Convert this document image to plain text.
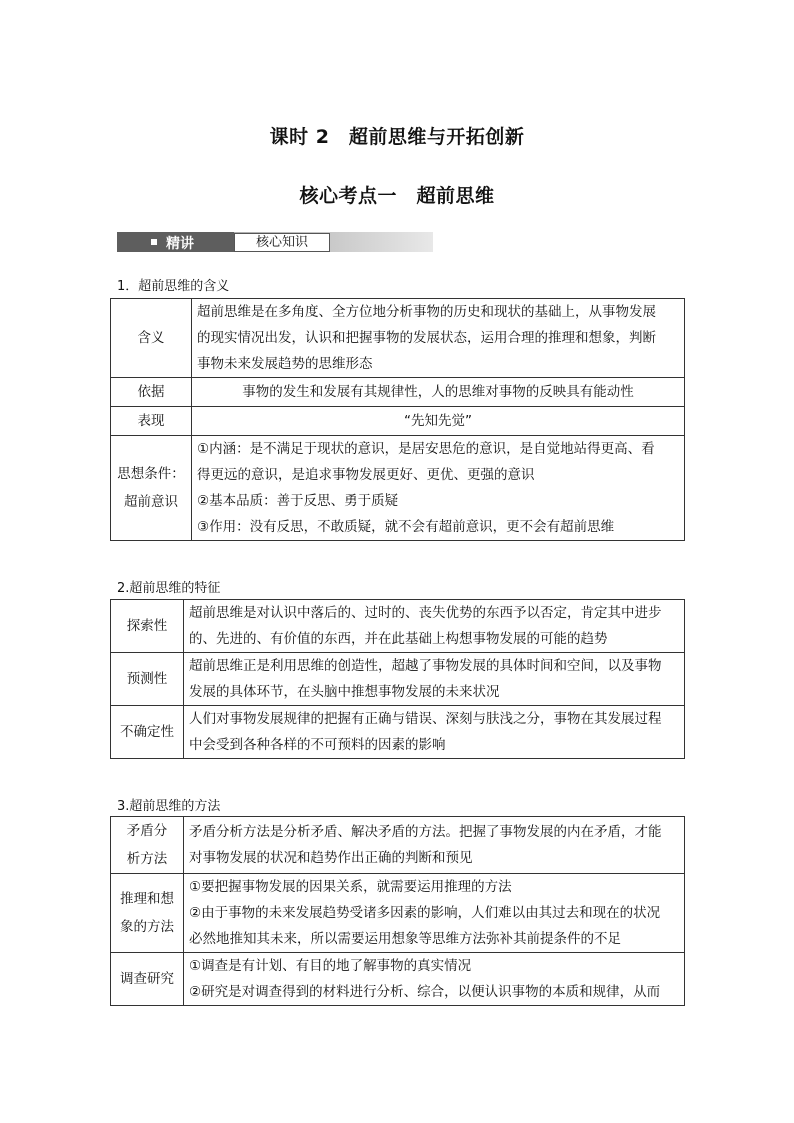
课时 2　超前思维与开拓创新
核心考点一　超前思维
精讲	核心知识
1．超前思维的含义
含义	超前思维是在多角度、全方位地分析事物的历史和现状的基础上，从事物发展
的现实情况出发，认识和把握事物的发展状态，运用合理的推理和想象，判断
事物未来发展趋势的思维形态

依据	事物的发生和发展有其规律性，人的思维对事物的反映具有能动性

表现	“先知先觉”

思想条件：
超前意识	①内涵：是不满足于现状的意识，是居安思危的意识，是自觉地站得更高、看
得更远的意识，是追求事物发展更好、更优、更强的意识
②基本品质：善于反思、勇于质疑
③作用：没有反思，不敢质疑，就不会有超前意识，更不会有超前思维
2.超前思维的特征
探索性	超前思维是对认识中落后的、过时的、丧失优势的东西予以否定，肯定其中进步
的、先进的、有价值的东西，并在此基础上构想事物发展的可能的趋势

预测性	超前思维正是利用思维的创造性，超越了事物发展的具体时间和空间，以及事物
发展的具体环节，在头脑中推想事物发展的未来状况

不确定性	人们对事物发展规律的把握有正确与错误、深刻与肤浅之分，事物在其发展过程
中会受到各种各样的不可预料的因素的影响
3.超前思维的方法
矛盾分
析方法	矛盾分析方法是分析矛盾、解决矛盾的方法。把握了事物发展的内在矛盾，才能
对事物发展的状况和趋势作出正确的判断和预见

推理和想
象的方法	①要把握事物发展的因果关系，就需要运用推理的方法
②由于事物的未来发展趋势受诸多因素的影响，人们难以由其过去和现在的状况
必然地推知其未来，所以需要运用想象等思维方法弥补其前提条件的不足

调查研究	①调查是有计划、有目的地了解事物的真实情况
②研究是对调查得到的材料进行分析、综合，以便认识事物的本质和规律，从而
